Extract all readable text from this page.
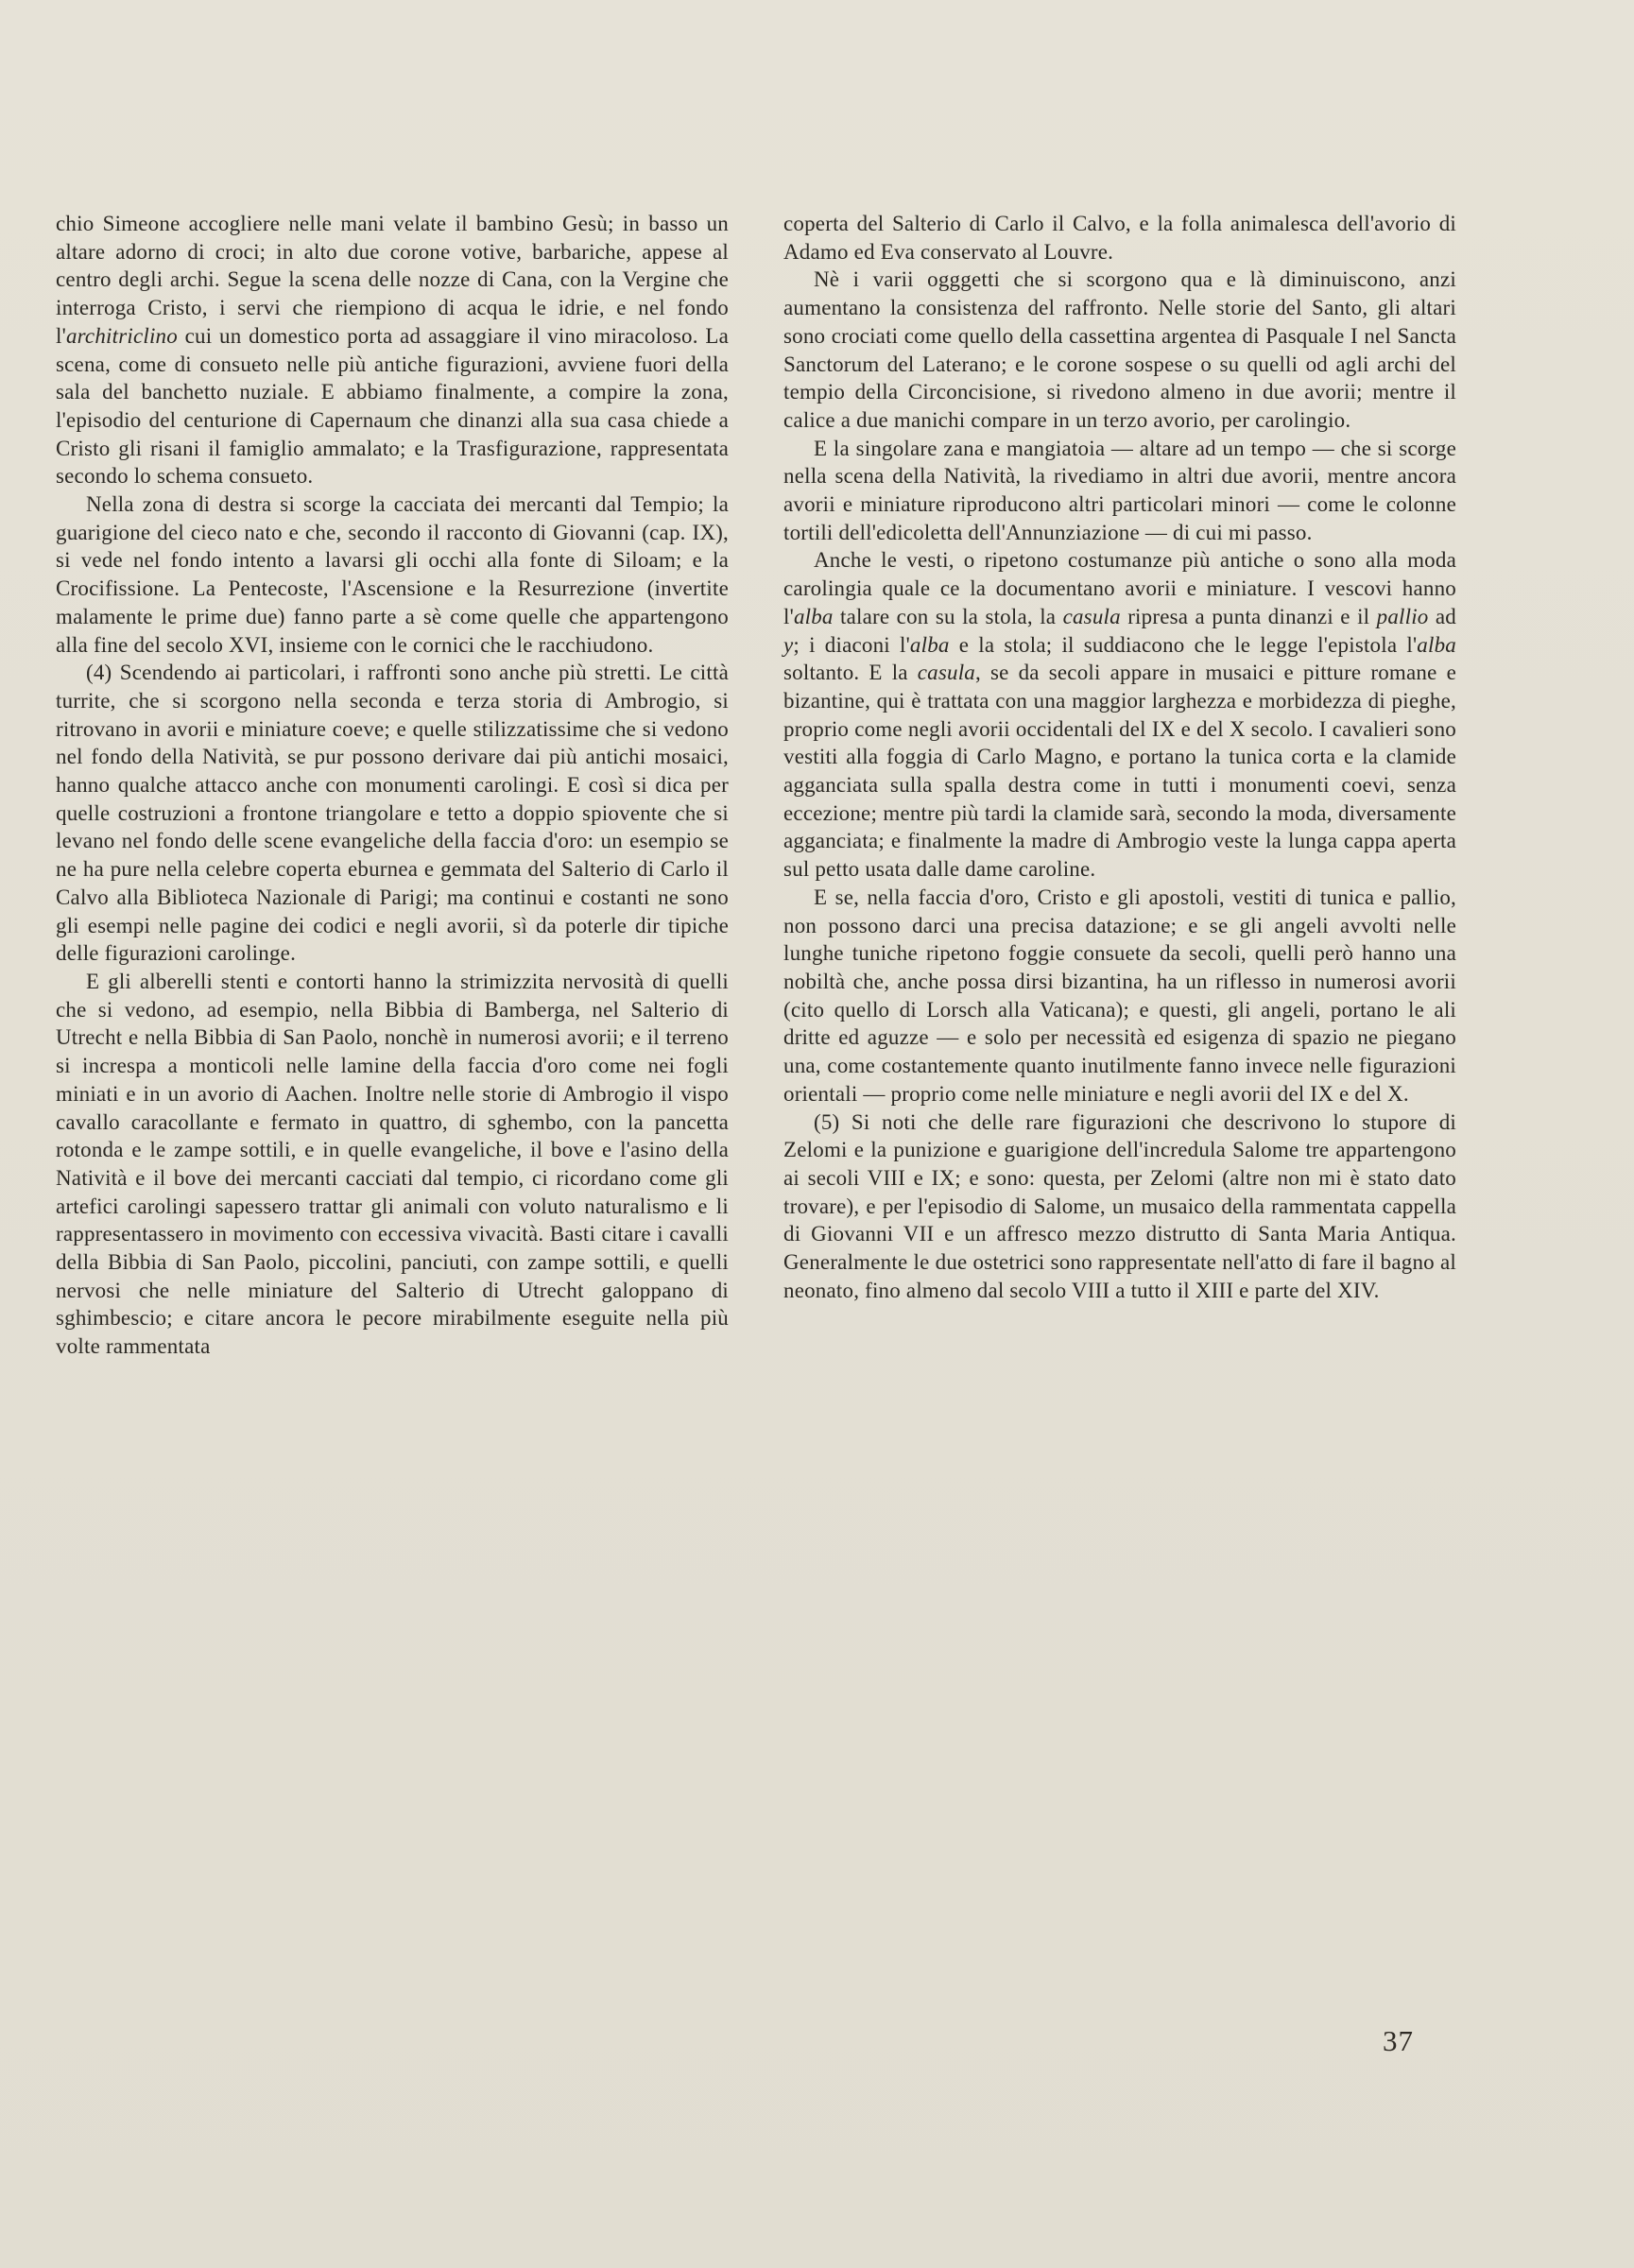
chio Simeone accogliere nelle mani velate il bambino Gesù; in basso un altare adorno di croci; in alto due corone votive, barbariche, appese al centro degli archi. Segue la scena delle nozze di Cana, con la Vergine che interroga Cristo, i servi che riempiono di acqua le idrie, e nel fondo l'architriclino cui un domestico porta ad assaggiare il vino miracoloso. La scena, come di consueto nelle più antiche figurazioni, avviene fuori della sala del banchetto nuziale. E abbiamo finalmente, a compire la zona, l'episodio del centurione di Capernaum che dinanzi alla sua casa chiede a Cristo gli risani il famiglio ammalato; e la Trasfigurazione, rappresentata secondo lo schema consueto.

Nella zona di destra si scorge la cacciata dei mercanti dal Tempio; la guarigione del cieco nato e che, secondo il racconto di Giovanni (cap. IX), si vede nel fondo intento a lavarsi gli occhi alla fonte di Siloam; e la Crocifissione. La Pentecoste, l'Ascensione e la Resurrezione (invertite malamente le prime due) fanno parte a sè come quelle che appartengono alla fine del secolo XVI, insieme con le cornici che le racchiudono.

(4) Scendendo ai particolari, i raffronti sono anche più stretti. Le città turrite, che si scorgono nella seconda e terza storia di Ambrogio, si ritrovano in avorii e miniature coeve; e quelle stilizzatissime che si vedono nel fondo della Natività, se pur possono derivare dai più antichi mosaici, hanno qualche attacco anche con monumenti carolingi. E così si dica per quelle costruzioni a frontone triangolare e tetto a doppio spiovente che si levano nel fondo delle scene evangeliche della faccia d'oro: un esempio se ne ha pure nella celebre coperta eburnea e gemmata del Salterio di Carlo il Calvo alla Biblioteca Nazionale di Parigi; ma continui e costanti ne sono gli esempi nelle pagine dei codici e negli avorii, sì da poterle dir tipiche delle figurazioni carolinge.

E gli alberelli stenti e contorti hanno la strimizzita nervosità di quelli che si vedono, ad esempio, nella Bibbia di Bamberga, nel Salterio di Utrecht e nella Bibbia di San Paolo, nonchè in numerosi avorii; e il terreno si increspa a monticoli nelle lamine della faccia d'oro come nei fogli miniati e in un avorio di Aachen. Inoltre nelle storie di Ambrogio il vispo cavallo caracollante e fermato in quattro, di sghembo, con la pancetta rotonda e le zampe sottili, e in quelle evangeliche, il bove e l'asino della Natività e il bove dei mercanti cacciati dal tempio, ci ricordano come gli artefici carolingi sapessero trattar gli animali con voluto naturalismo e li rappresentassero in movimento con eccessiva vivacità. Basti citare i cavalli della Bibbia di San Paolo, piccolini, panciuti, con zampe sottili, e quelli nervosi che nelle miniature del Salterio di Utrecht galoppano di sghimbescio; e citare ancora le pecore mirabilmente eseguite nella più volte rammentata

coperta del Salterio di Carlo il Calvo, e la folla animalesca dell'avorio di Adamo ed Eva conservato al Louvre.

Nè i varii ogggetti che si scorgono qua e là diminuiscono, anzi aumentano la consistenza del raffronto. Nelle storie del Santo, gli altari sono crociati come quello della cassettina argentea di Pasquale I nel Sancta Sanctorum del Laterano; e le corone sospese o su quelli od agli archi del tempio della Circoncisione, si rivedono almeno in due avorii; mentre il calice a due manichi compare in un terzo avorio, per carolingio.

E la singolare zana e mangiatoia — altare ad un tempo — che si scorge nella scena della Natività, la rivediamo in altri due avorii, mentre ancora avorii e miniature riproducono altri particolari minori — come le colonne tortili dell'edicoletta dell'Annunziazione — di cui mi passo.

Anche le vesti, o ripetono costumanze più antiche o sono alla moda carolingia quale ce la documentano avorii e miniature. I vescovi hanno l'alba talare con su la stola, la casula ripresa a punta dinanzi e il pallio ad y; i diaconi l'alba e la stola; il suddiacono che le legge l'epistola l'alba soltanto. E la casula, se da secoli appare in musaici e pitture romane e bizantine, qui è trattata con una maggior larghezza e morbidezza di pieghe, proprio come negli avorii occidentali del IX e del X secolo. I cavalieri sono vestiti alla foggia di Carlo Magno, e portano la tunica corta e la clamide agganciata sulla spalla destra come in tutti i monumenti coevi, senza eccezione; mentre più tardi la clamide sarà, secondo la moda, diversamente agganciata; e finalmente la madre di Ambrogio veste la lunga cappa aperta sul petto usata dalle dame caroline.

E se, nella faccia d'oro, Cristo e gli apostoli, vestiti di tunica e pallio, non possono darci una precisa datazione; e se gli angeli avvolti nelle lunghe tuniche ripetono foggie consuete da secoli, quelli però hanno una nobiltà che, anche possa dirsi bizantina, ha un riflesso in numerosi avorii (cito quello di Lorsch alla Vaticana); e questi, gli angeli, portano le ali dritte ed aguzze — e solo per necessità ed esigenza di spazio ne piegano una, come costantemente quanto inutilmente fanno invece nelle figurazioni orientali — proprio come nelle miniature e negli avorii del IX e del X.

(5) Si noti che delle rare figurazioni che descrivono lo stupore di Zelomi e la punizione e guarigione dell'incredula Salome tre appartengono ai secoli VIII e IX; e sono: questa, per Zelomi (altre non mi è stato dato trovare), e per l'episodio di Salome, un musaico della rammentata cappella di Giovanni VII e un affresco mezzo distrutto di Santa Maria Antiqua. Generalmente le due ostetrici sono rappresentate nell'atto di fare il bagno al neonato, fino almeno dal secolo VIII a tutto il XIII e parte del XIV.

37
